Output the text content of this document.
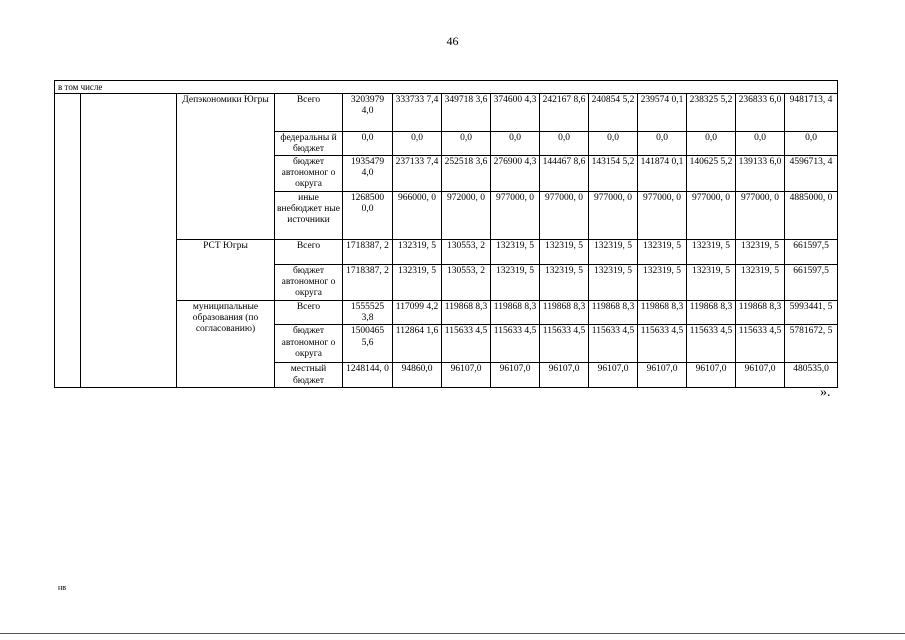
46
в том числе													
		Депэкономики Югры	Всего	3203979 4,0	333733 7,4	349718 3,6	374600 4,3	242167 8,6	240854 5,2	239574 0,1	238325 5,2	236833 6,0	9481713, 4
			федеральны й бюджет	0,0	0,0	0,0	0,0	0,0	0,0	0,0	0,0	0,0	0,0
			бюджет автономног о округа	1935479 4,0	237133 7,4	252518 3,6	276900 4,3	144467 8,6	143154 5,2	141874 0,1	140625 5,2	139133 6,0	4596713, 4
			иные внебюджет ные источники	1268500 0,0	966000, 0	972000, 0	977000, 0	977000, 0	977000, 0	977000, 0	977000, 0	977000, 0	4885000, 0
		РСТ Югры	Всего	1718387, 2	132319, 5	130553, 2	132319, 5	132319, 5	132319, 5	132319, 5	132319, 5	132319, 5	661597,5
			бюджет автономног о округа	1718387, 2	132319, 5	130553, 2	132319, 5	132319, 5	132319, 5	132319, 5	132319, 5	132319, 5	661597,5
		муниципальные образования (по согласованию)	Всего	1555525 3,8	117099 4,2	119868 8,3	119868 8,3	119868 8,3	119868 8,3	119868 8,3	119868 8,3	119868 8,3	5993441, 5
			бюджет автономног о округа	1500465 5,6	112864 1,6	115633 4,5	115633 4,5	115633 4,5	115633 4,5	115633 4,5	115633 4,5	115633 4,5	5781672, 5
			местный бюджет	1248144, 0	94860,0	96107,0	96107,0	96107,0	96107,0	96107,0	96107,0	96107,0	480535,0
».
нв
